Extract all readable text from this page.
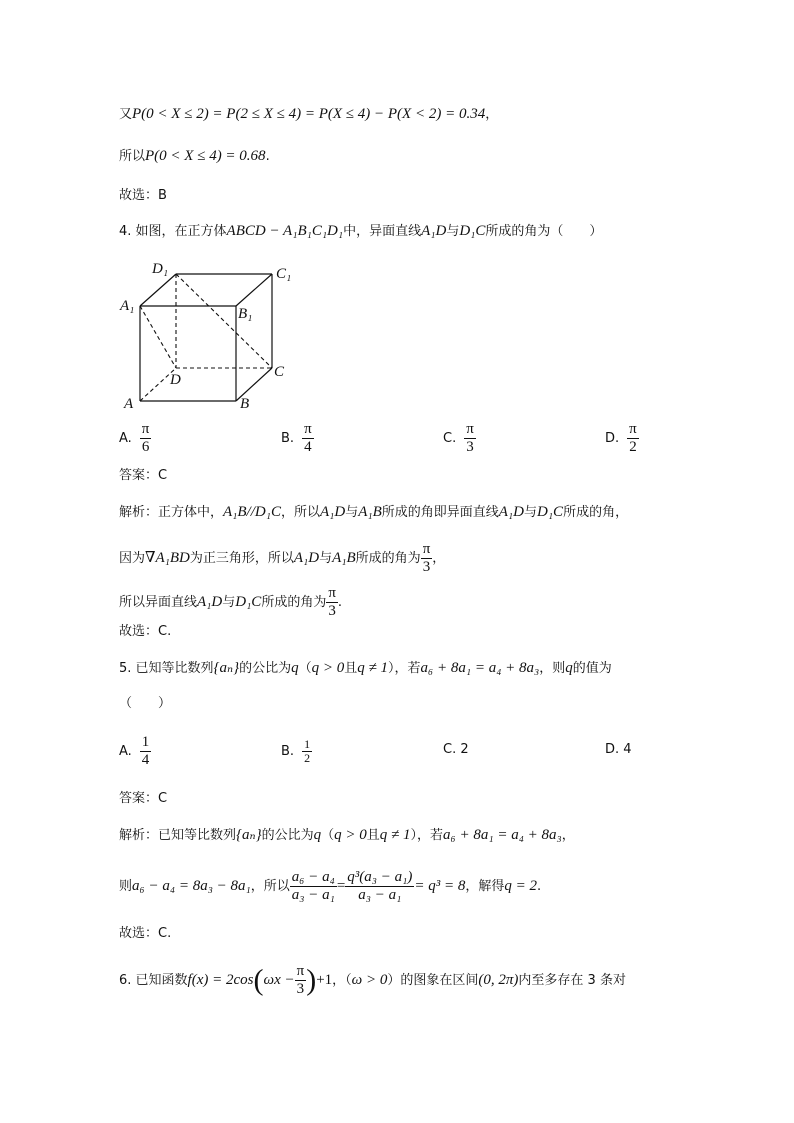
又P(0 < X ≤ 2) = P(2 ≤ X ≤ 4) = P(X ≤ 4) − P(X < 2) = 0.34，
所以P(0 < X ≤ 4) = 0.68.
故选：B
4. 如图，在正方体ABCD − A₁B₁C₁D₁中，异面直线A₁D与D₁C所成的角为（　　）
D₁	C₁
A₁	B₁
D	C
A	B
A. $\frac{\pi}{6}$	B. $\frac{\pi}{4}$	C. $\frac{\pi}{3}$	D. $\frac{\pi}{2}$
答案：C
解析：正方体中，A₁B//D₁C，所以A₁D与A₁B所成的角即异面直线A₁D与D₁C所成的角，
因为∇A₁BD为正三角形，所以A₁D与A₁B所成的角为 $\frac{\pi}{3}$ ，
所以异面直线A₁D与D₁C所成的角为 $\frac{\pi}{3}$ .
故选：C.
5. 已知等比数列{aₙ}的公比为q（q > 0且q ≠ 1），若a₆ + 8a₁ = a₄ + 8a₃，则q的值为
（　　）
A. $\frac{1}{4}$	B. $\frac{1}{2}$	C. 2	D. 4
答案：C
解析：已知等比数列{aₙ}的公比为q（q > 0且q ≠ 1），若a₆ + 8a₁ = a₄ + 8a₃，
则a₆ − a₄ = 8a₃ − 8a₁，所以 $\frac{\text{a₆ − a₄}}{\text{a₃ − a₁}} = \frac{\text{q³(a₃ − a₁)}}{\text{a₃ − a₁}} = q^3 = 8$，解得q = 2.
故选：C.
6. 已知函数$f(x) = 2\cos(\omega x - \frac{\pi}{3} )+1$，（ω > 0）的图象在区间(0, 2π)内至多存在 3 条对
